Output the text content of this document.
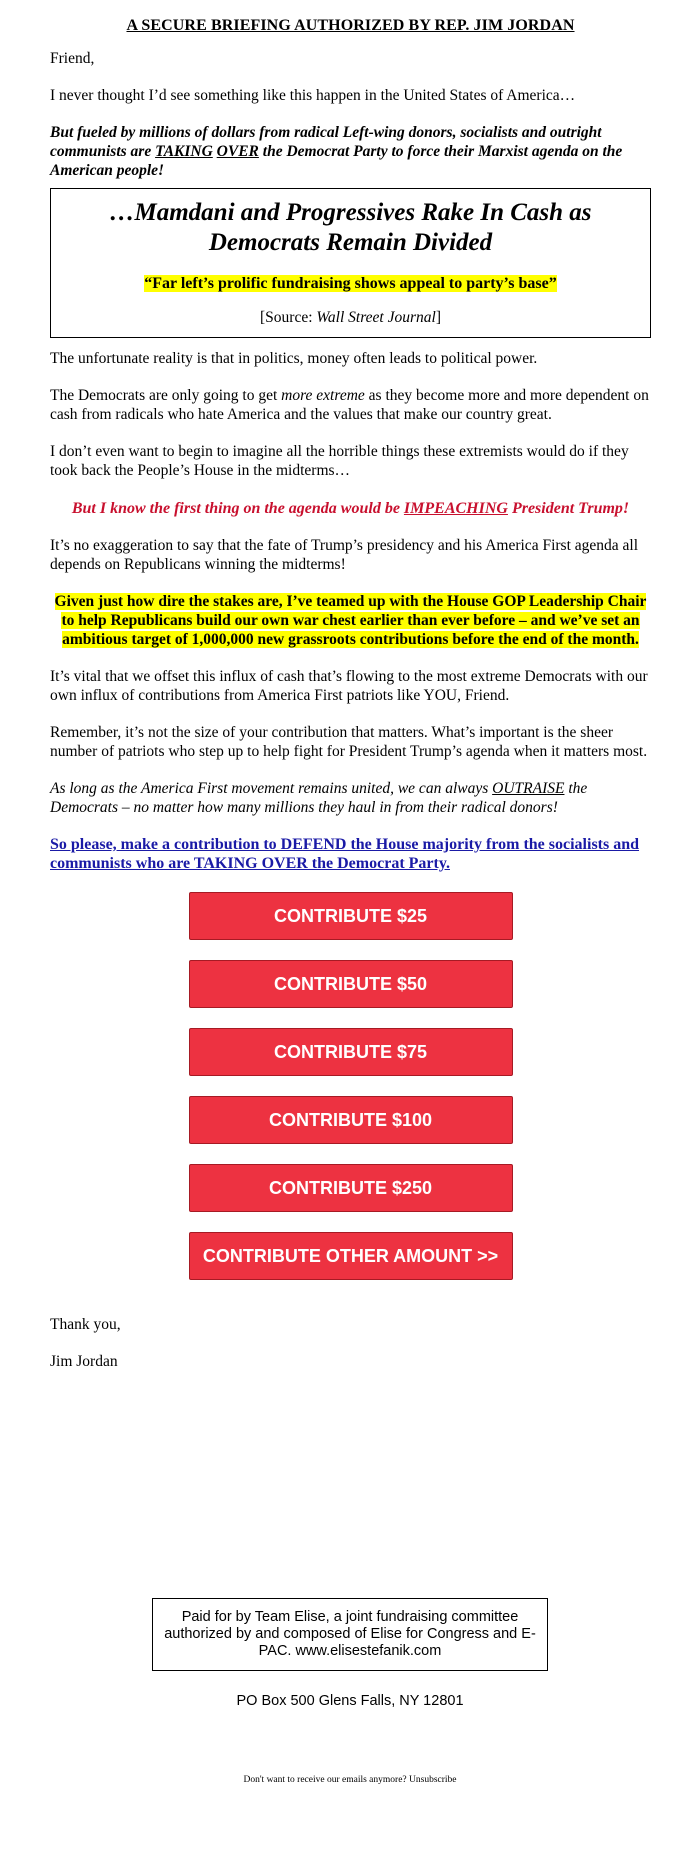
A SECURE BRIEFING AUTHORIZED BY REP. JIM JORDAN

Friend,

I never thought I’d see something like this happen in the United States of America…

But fueled by millions of dollars from radical Left-wing donors, socialists and outright communists are TAKING OVER the Democrat Party to force their Marxist agenda on the American people!

…Mamdani and Progressives Rake In Cash as Democrats Remain Divided

“Far left’s prolific fundraising shows appeal to party’s base”

[Source: Wall Street Journal]

The unfortunate reality is that in politics, money often leads to political power.

The Democrats are only going to get more extreme as they become more and more dependent on cash from radicals who hate America and the values that make our country great.

I don’t even want to begin to imagine all the horrible things these extremists would do if they took back the People’s House in the midterms…

But I know the first thing on the agenda would be IMPEACHING President Trump!

It’s no exaggeration to say that the fate of Trump’s presidency and his America First agenda all depends on Republicans winning the midterms!

Given just how dire the stakes are, I’ve teamed up with the House GOP Leadership Chair to help Republicans build our own war chest earlier than ever before – and we’ve set an ambitious target of 1,000,000 new grassroots contributions before the end of the month.

It’s vital that we offset this influx of cash that’s flowing to the most extreme Democrats with our own influx of contributions from America First patriots like YOU, Friend.

Remember, it’s not the size of your contribution that matters. What’s important is the sheer number of patriots who step up to help fight for President Trump’s agenda when it matters most.

As long as the America First movement remains united, we can always OUTRAISE the Democrats – no matter how many millions they haul in from their radical donors!

So please, make a contribution to DEFEND the House majority from the socialists and communists who are TAKING OVER the Democrat Party.

CONTRIBUTE $25
CONTRIBUTE $50
CONTRIBUTE $75
CONTRIBUTE $100
CONTRIBUTE $250
CONTRIBUTE OTHER AMOUNT >>

Thank you,

Jim Jordan

Paid for by Team Elise, a joint fundraising committee authorized by and composed of Elise for Congress and E-PAC. www.elisestefanik.com
PO Box 500 Glens Falls, NY 12801
Don't want to receive our emails anymore? Unsubscribe
